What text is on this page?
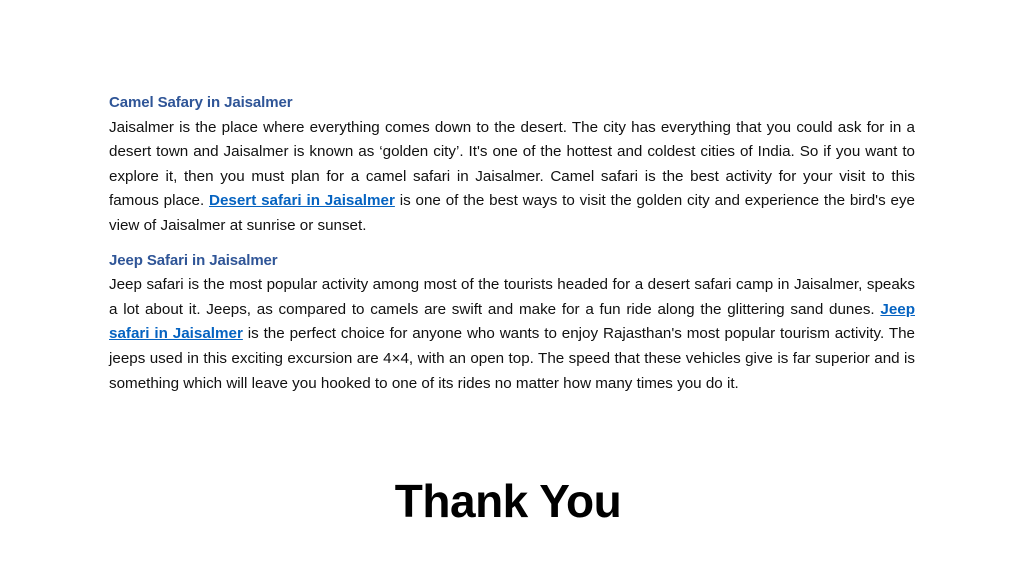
Camel Safary in Jaisalmer
Jaisalmer is the place where everything comes down to the desert. The city has everything that you could ask for in a desert town and Jaisalmer is known as ‘golden city’. It's one of the hottest and coldest cities of India. So if you want to explore it, then you must plan for a camel safari in Jaisalmer. Camel safari is the best activity for your visit to this famous place. Desert safari in Jaisalmer is one of the best ways to visit the golden city and experience the bird's eye view of Jaisalmer at sunrise or sunset.
Jeep Safari in Jaisalmer
Jeep safari is the most popular activity among most of the tourists headed for a desert safari camp in Jaisalmer, speaks a lot about it. Jeeps, as compared to camels are swift and make for a fun ride along the glittering sand dunes. Jeep safari in Jaisalmer is the perfect choice for anyone who wants to enjoy Rajasthan's most popular tourism activity. The jeeps used in this exciting excursion are 4×4, with an open top. The speed that these vehicles give is far superior and is something which will leave you hooked to one of its rides no matter how many times you do it.
Thank You
